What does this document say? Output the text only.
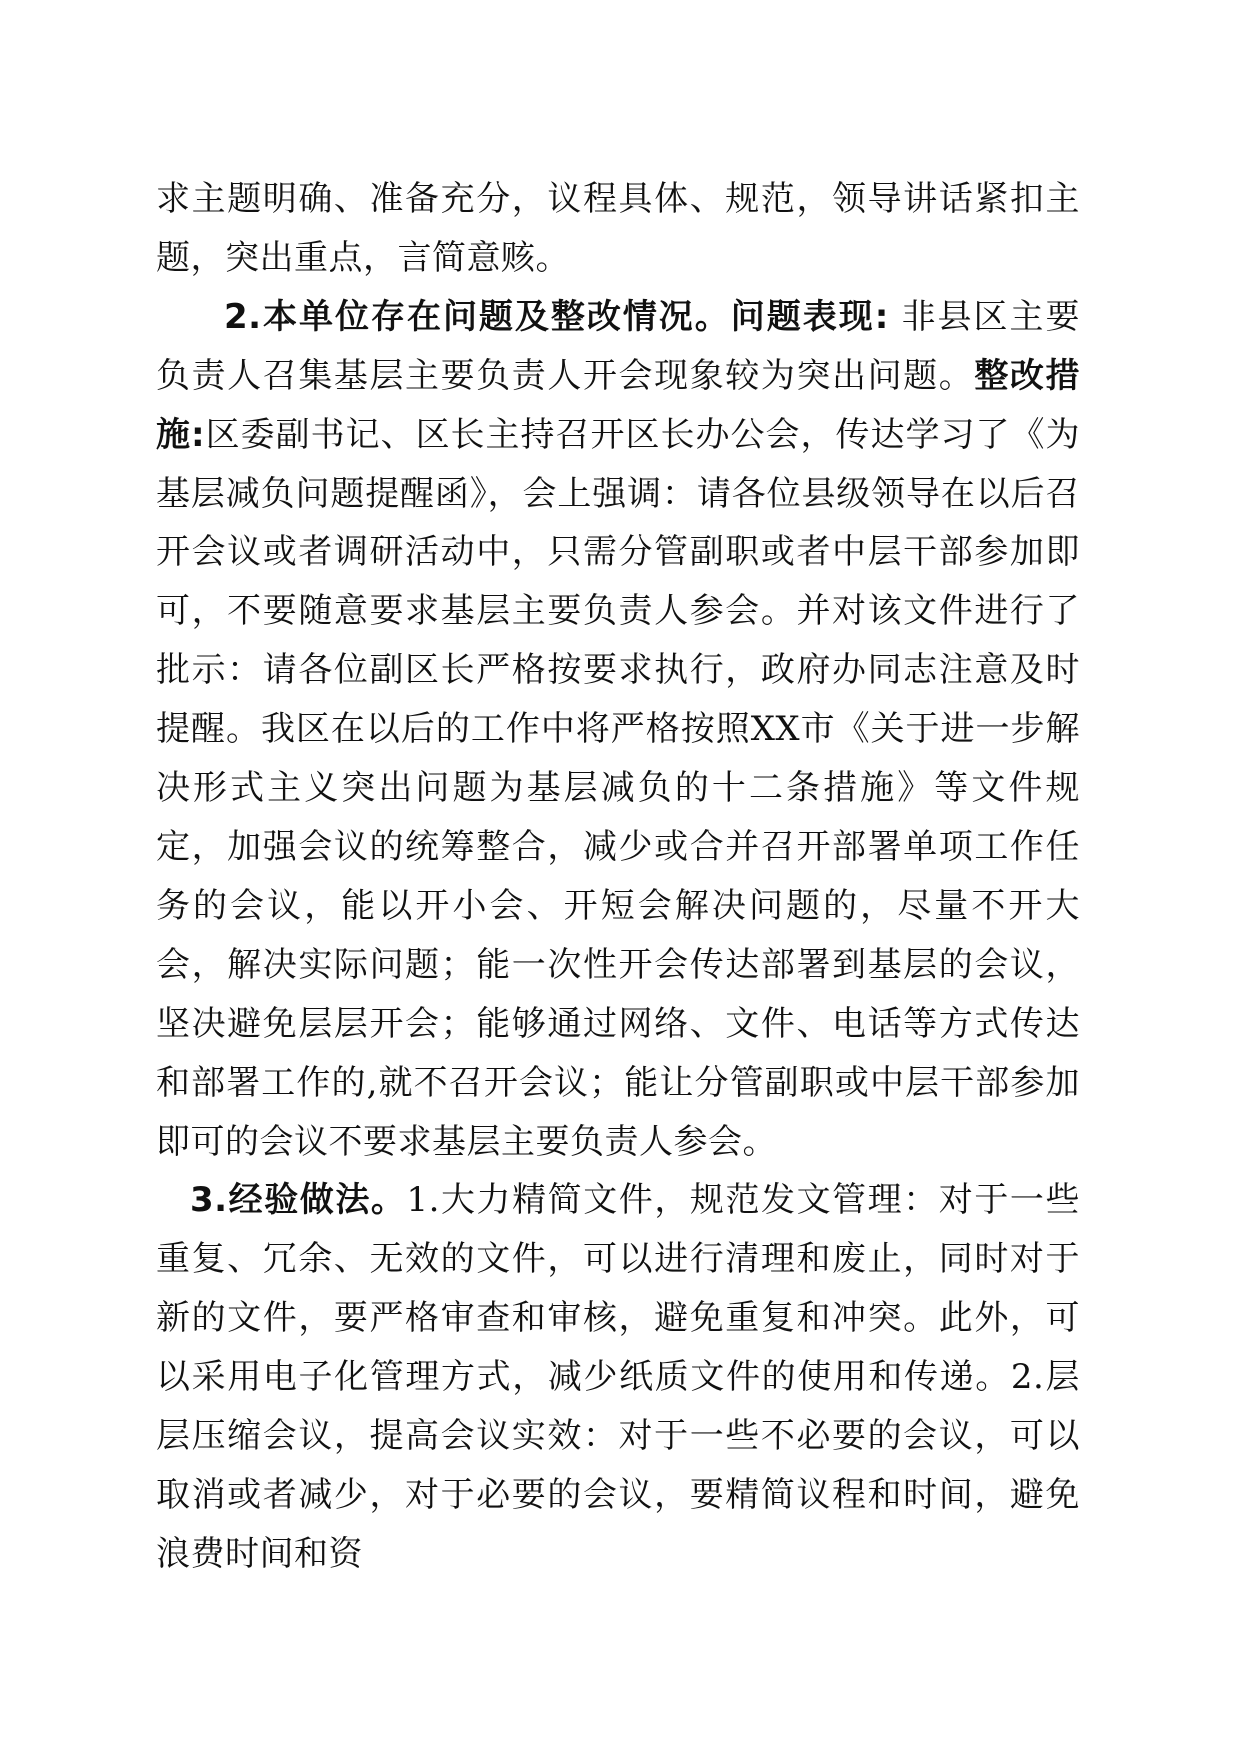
求主题明确、准备充分，议程具体、规范，领导讲话紧扣主题，突出重点，言简意赅。

2.本单位存在问题及整改情况。问题表现: 非县区主要负责人召集基层主要负责人开会现象较为突出问题。整改措施:区委副书记、区长主持召开区长办公会，传达学习了《为基层减负问题提醒函》，会上强调：请各位县级领导在以后召开会议或者调研活动中，只需分管副职或者中层干部参加即可，不要随意要求基层主要负责人参会。并对该文件进行了批示：请各位副区长严格按要求执行，政府办同志注意及时提醒。我区在以后的工作中将严格按照XX市《关于进一步解决形式主义突出问题为基层减负的十二条措施》等文件规定，加强会议的统筹整合，减少或合并召开部署单项工作任务的会议，能以开小会、开短会解决问题的，尽量不开大会，解决实际问题；能一次性开会传达部署到基层的会议，坚决避免层层开会；能够通过网络、文件、电话等方式传达和部署工作的,就不召开会议；能让分管副职或中层干部参加即可的会议不要求基层主要负责人参会。

3.经验做法。1.大力精简文件，规范发文管理：对于一些重复、冗余、无效的文件，可以进行清理和废止，同时对于新的文件，要严格审查和审核，避免重复和冲突。此外，可以采用电子化管理方式，减少纸质文件的使用和传递。2.层层压缩会议，提高会议实效：对于一些不必要的会议，可以取消或者减少，对于必要的会议，要精简议程和时间，避免浪费时间和资
